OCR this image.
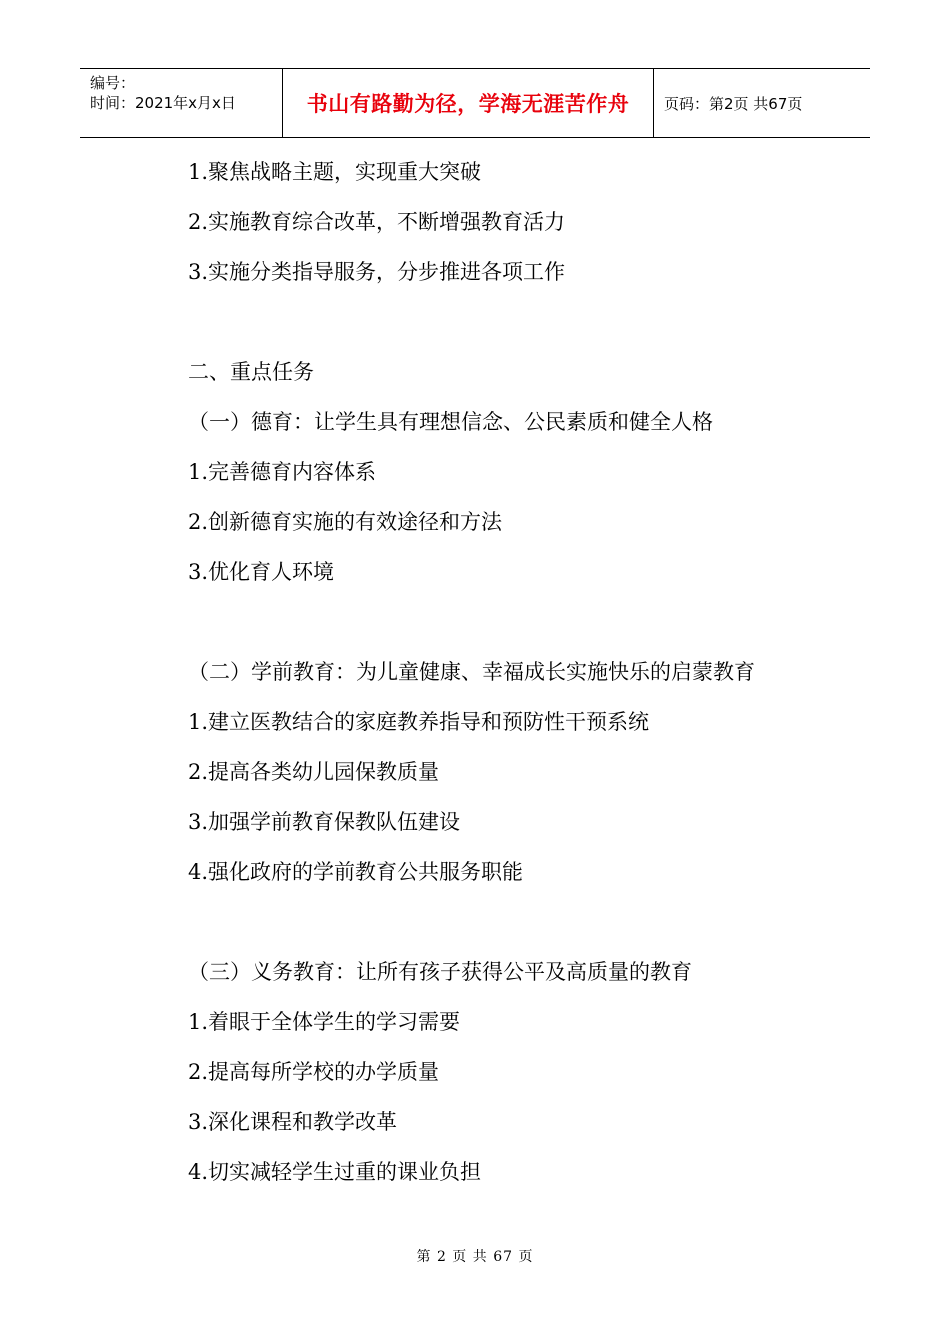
编号：
时间：2021年x月x日	书山有路勤为径，学海无涯苦作舟	页码：第2页 共67页
1.聚焦战略主题，实现重大突破
2.实施教育综合改革，不断增强教育活力
3.实施分类指导服务，分步推进各项工作
二、重点任务
（一）德育：让学生具有理想信念、公民素质和健全人格
1.完善德育内容体系
2.创新德育实施的有效途径和方法
3.优化育人环境
（二）学前教育：为儿童健康、幸福成长实施快乐的启蒙教育
1.建立医教结合的家庭教养指导和预防性干预系统
2.提高各类幼儿园保教质量
3.加强学前教育保教队伍建设
4.强化政府的学前教育公共服务职能
（三）义务教育：让所有孩子获得公平及高质量的教育
1.着眼于全体学生的学习需要
2.提高每所学校的办学质量
3.深化课程和教学改革
4.切实减轻学生过重的课业负担
第 2 页 共 67 页
